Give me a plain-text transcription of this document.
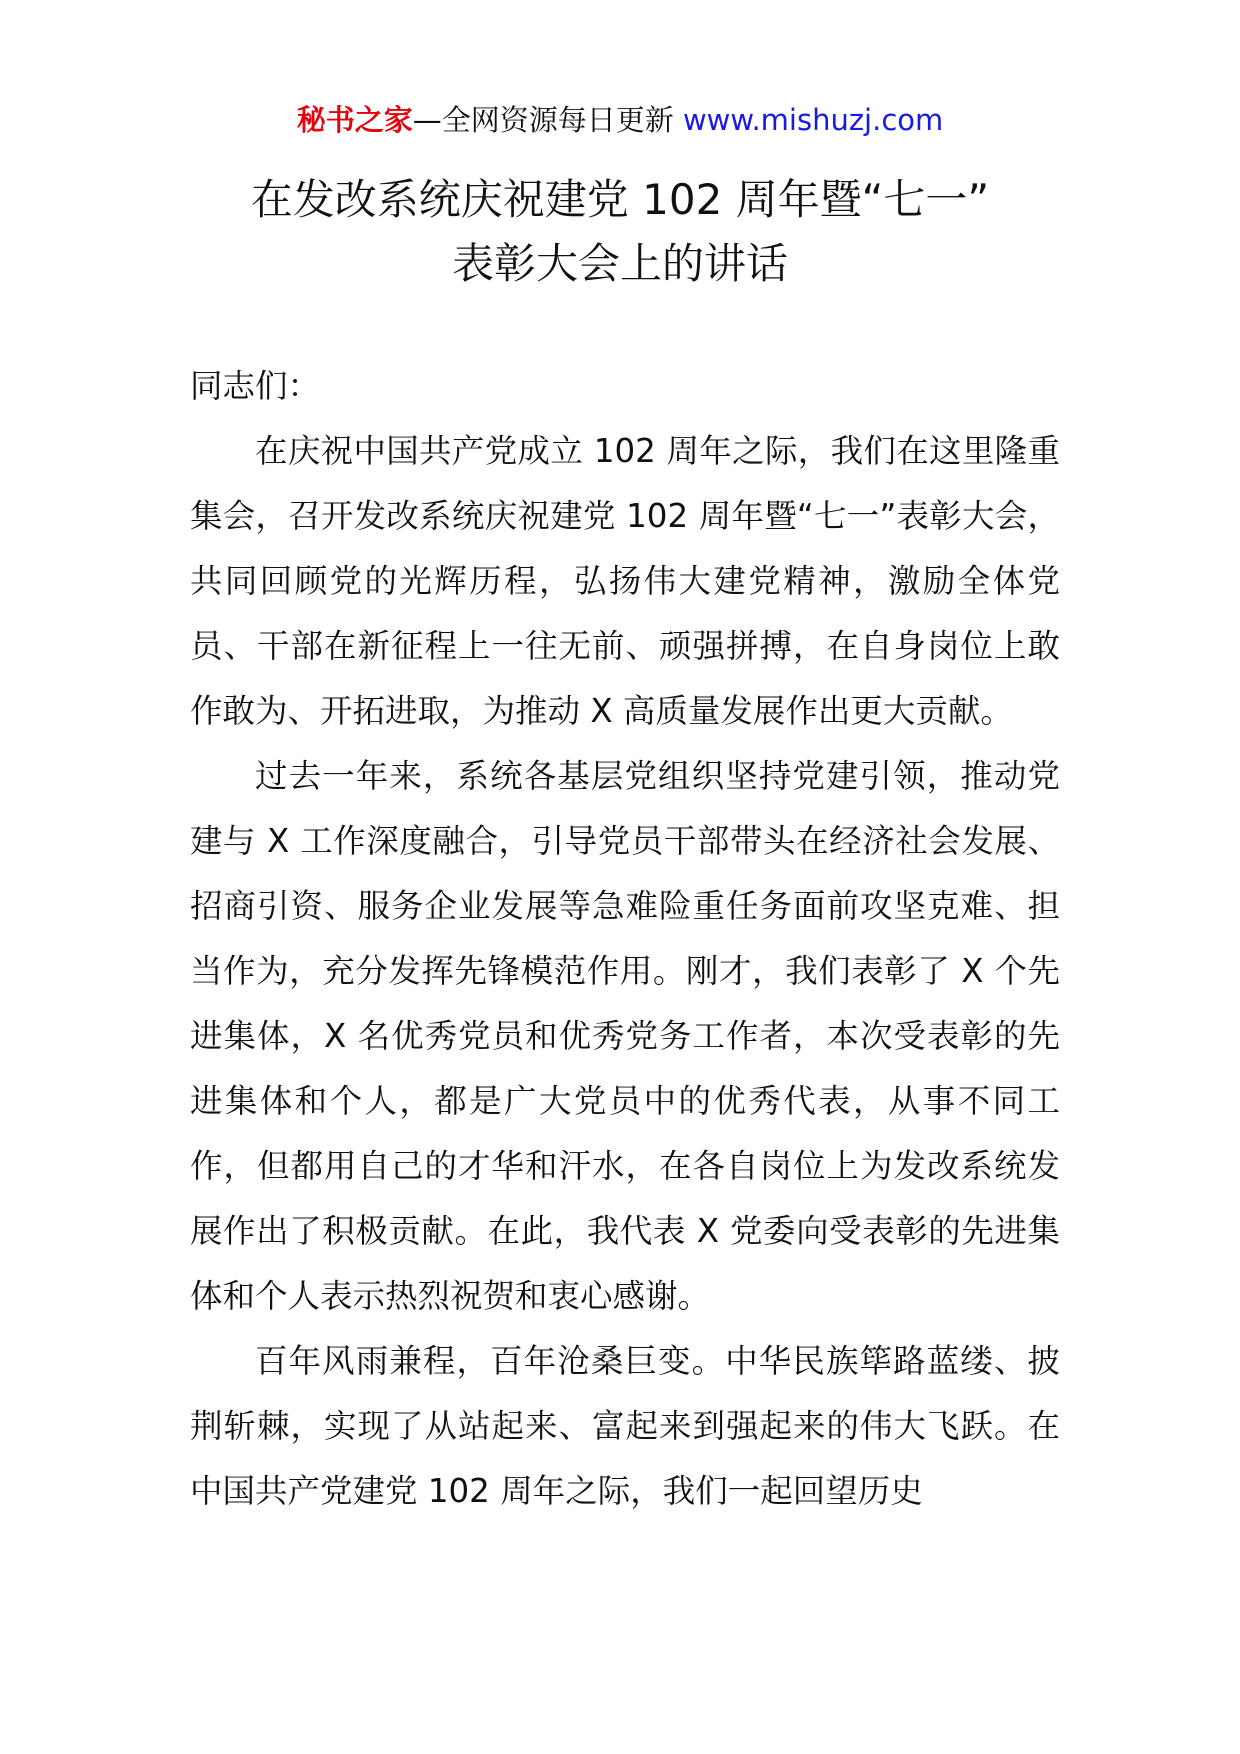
秘书之家—全网资源每日更新 www.mishuzj.com
在发改系统庆祝建党 102 周年暨“七一”
表彰大会上的讲话

同志们：

在庆祝中国共产党成立 102 周年之际，我们在这里隆重集会，召开发改系统庆祝建党 102 周年暨“七一”表彰大会，共同回顾党的光辉历程，弘扬伟大建党精神，激励全体党员、干部在新征程上一往无前、顽强拼搏，在自身岗位上敢作敢为、开拓进取，为推动 X 高质量发展作出更大贡献。

过去一年来，系统各基层党组织坚持党建引领，推动党建与 X 工作深度融合，引导党员干部带头在经济社会发展、招商引资、服务企业发展等急难险重任务面前攻坚克难、担当作为，充分发挥先锋模范作用。刚才，我们表彰了 X 个先进集体，X 名优秀党员和优秀党务工作者，本次受表彰的先进集体和个人，都是广大党员中的优秀代表，从事不同工作，但都用自己的才华和汗水，在各自岗位上为发改系统发展作出了积极贡献。在此，我代表 X 党委向受表彰的先进集体和个人表示热烈祝贺和衷心感谢。

百年风雨兼程，百年沧桑巨变。中华民族筚路蓝缕、披荆斩棘，实现了从站起来、富起来到强起来的伟大飞跃。在中国共产党建党 102 周年之际，我们一起回望历史
